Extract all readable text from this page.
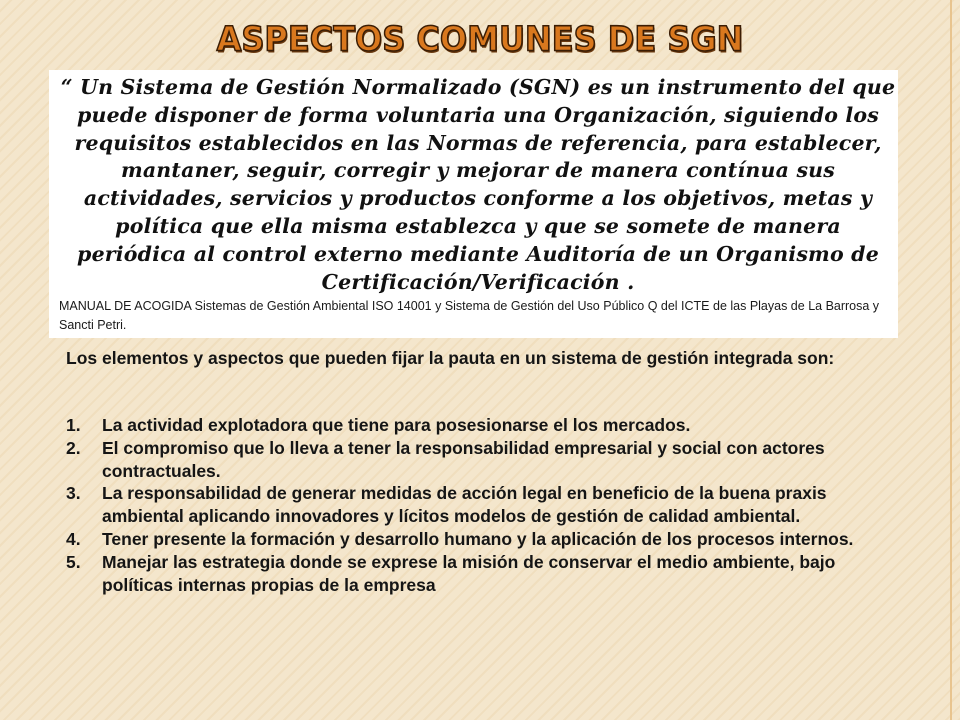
ASPECTOS COMUNES DE SGN
“ Un Sistema de Gestión Normalizado (SGN) es un instrumento del que puede disponer de forma voluntaria una Organización, siguiendo los requisitos establecidos en las Normas de referencia, para establecer, mantaner, seguir, corregir y mejorar de manera contínua sus actividades, servicios y productos conforme a los objetivos, metas y política que ella misma establezca y que se somete de manera periódica al control externo mediante Auditoría de un Organismo de Certificación/Verificación .
MANUAL DE ACOGIDA Sistemas de Gestión Ambiental ISO 14001 y Sistema de Gestión del Uso Público Q del ICTE de las Playas de La Barrosa y Sancti Petri.
Los elementos y aspectos que pueden fijar la pauta en un sistema de gestión integrada son:
1. La actividad explotadora que tiene para posesionarse el los mercados.
2. El compromiso que lo lleva a tener la responsabilidad empresarial y social con actores contractuales.
3. La responsabilidad de generar medidas de acción legal en beneficio de la buena praxis ambiental aplicando innovadores y lícitos modelos de gestión de calidad ambiental.
4. Tener presente la formación y desarrollo humano y la aplicación de los procesos internos.
5. Manejar las estrategia donde se exprese la misión de conservar el medio ambiente, bajo políticas internas propias de la empresa
